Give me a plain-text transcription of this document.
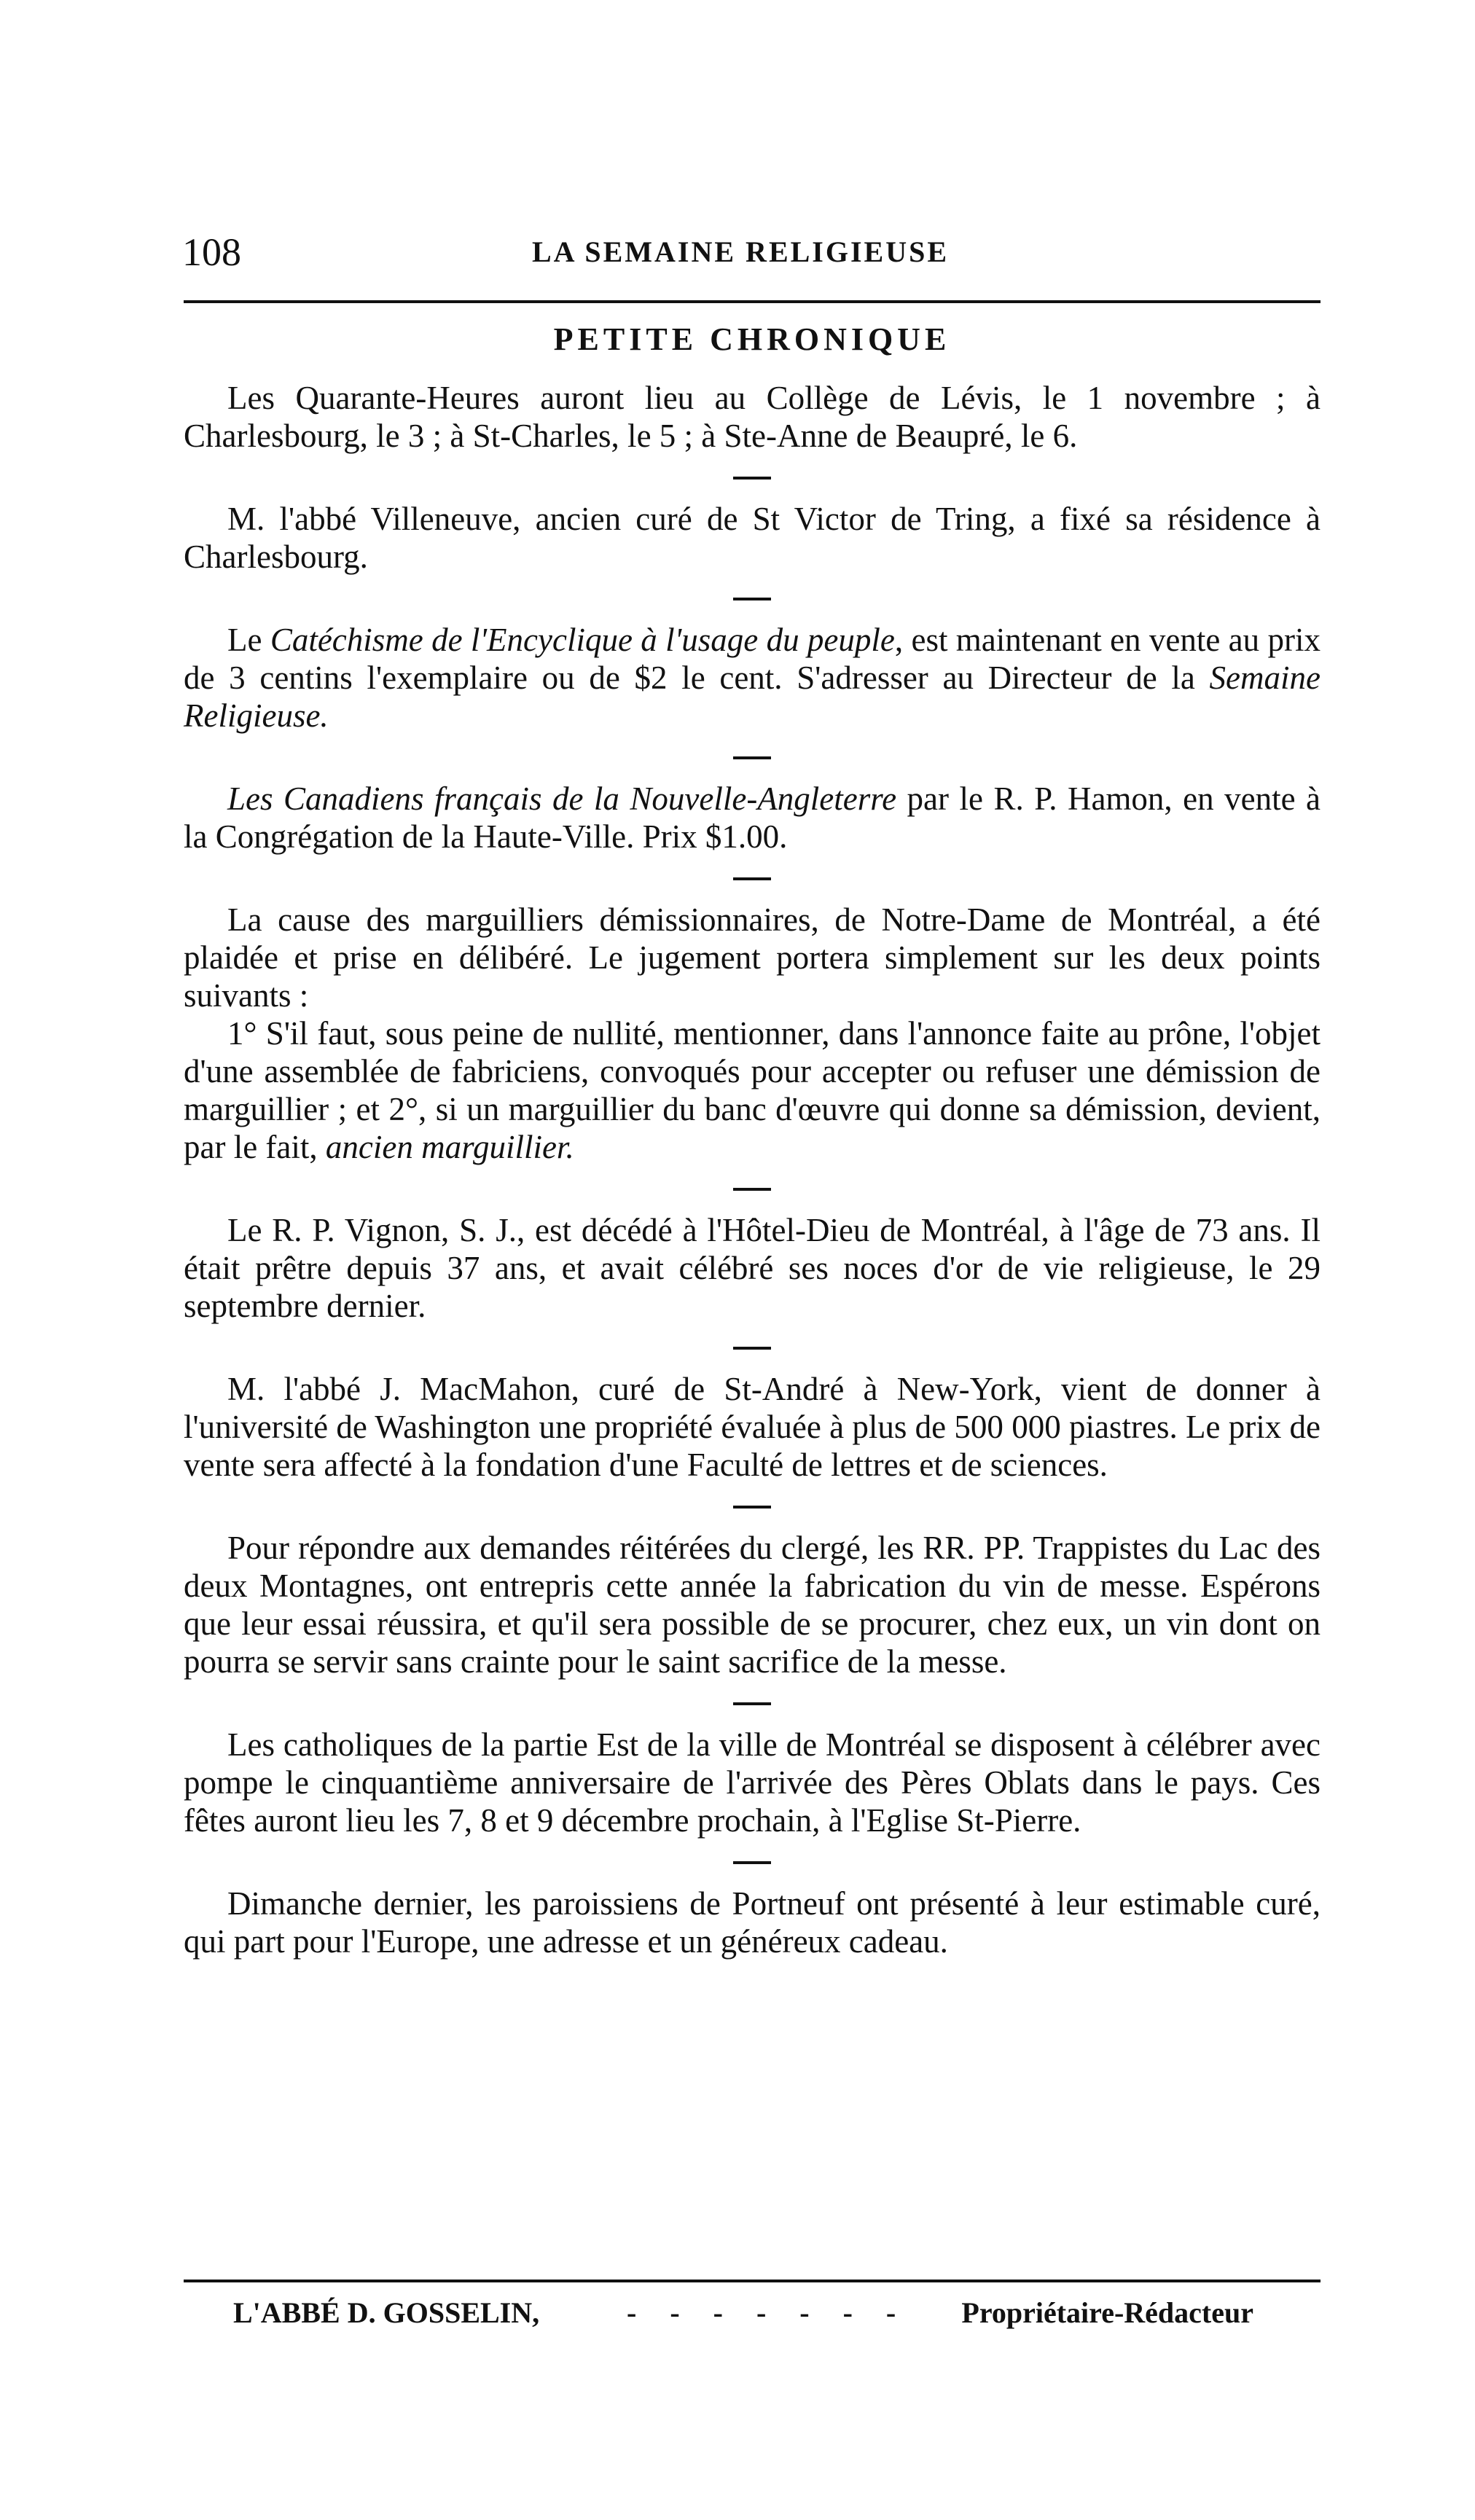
108	LA SEMAINE RELIGIEUSE
PETITE CHRONIQUE

Les Quarante-Heures auront lieu au Collège de Lévis, le 1 novembre ; à Charlesbourg, le 3 ; à St-Charles, le 5 ; à Ste-Anne de Beaupré, le 6.

M. l'abbé Villeneuve, ancien curé de St Victor de Tring, a fixé sa résidence à Charlesbourg.

Le Catéchisme de l'Encyclique à l'usage du peuple, est maintenant en vente au prix de 3 centins l'exemplaire ou de $2 le cent. S'adresser au Directeur de la Semaine Religieuse.

Les Canadiens français de la Nouvelle-Angleterre par le R. P. Hamon, en vente à la Congrégation de la Haute-Ville. Prix $1.00.

La cause des marguilliers démissionnaires, de Notre-Dame de Montréal, a été plaidée et prise en délibéré. Le jugement portera simplement sur les deux points suivants :

1° S'il faut, sous peine de nullité, mentionner, dans l'annonce faite au prône, l'objet d'une assemblée de fabriciens, convoqués pour accepter ou refuser une démission de marguillier ; et 2°, si un marguillier du banc d'œuvre qui donne sa démission, devient, par le fait, ancien marguillier.

Le R. P. Vignon, S. J., est décédé à l'Hôtel-Dieu de Montréal, à l'âge de 73 ans. Il était prêtre depuis 37 ans, et avait célébré ses noces d'or de vie religieuse, le 29 septembre dernier.

M. l'abbé J. MacMahon, curé de St-André à New-York, vient de donner à l'université de Washington une propriété évaluée à plus de 500 000 piastres. Le prix de vente sera affecté à la fondation d'une Faculté de lettres et de sciences.

Pour répondre aux demandes réitérées du clergé, les RR. PP. Trappistes du Lac des deux Montagnes, ont entrepris cette année la fabrication du vin de messe. Espérons que leur essai réussira, et qu'il sera possible de se procurer, chez eux, un vin dont on pourra se servir sans crainte pour le saint sacrifice de la messe.

Les catholiques de la partie Est de la ville de Montréal se disposent à célébrer avec pompe le cinquantième anniversaire de l'arrivée des Pères Oblats dans le pays. Ces fêtes auront lieu les 7, 8 et 9 décembre prochain, à l'Eglise St-Pierre.

Dimanche dernier, les paroissiens de Portneuf ont présenté à leur estimable curé, qui part pour l'Europe, une adresse et un généreux cadeau.

L'ABBÉ D. GOSSELIN,	- - - - - - - Propriétaire-Rédacteur
